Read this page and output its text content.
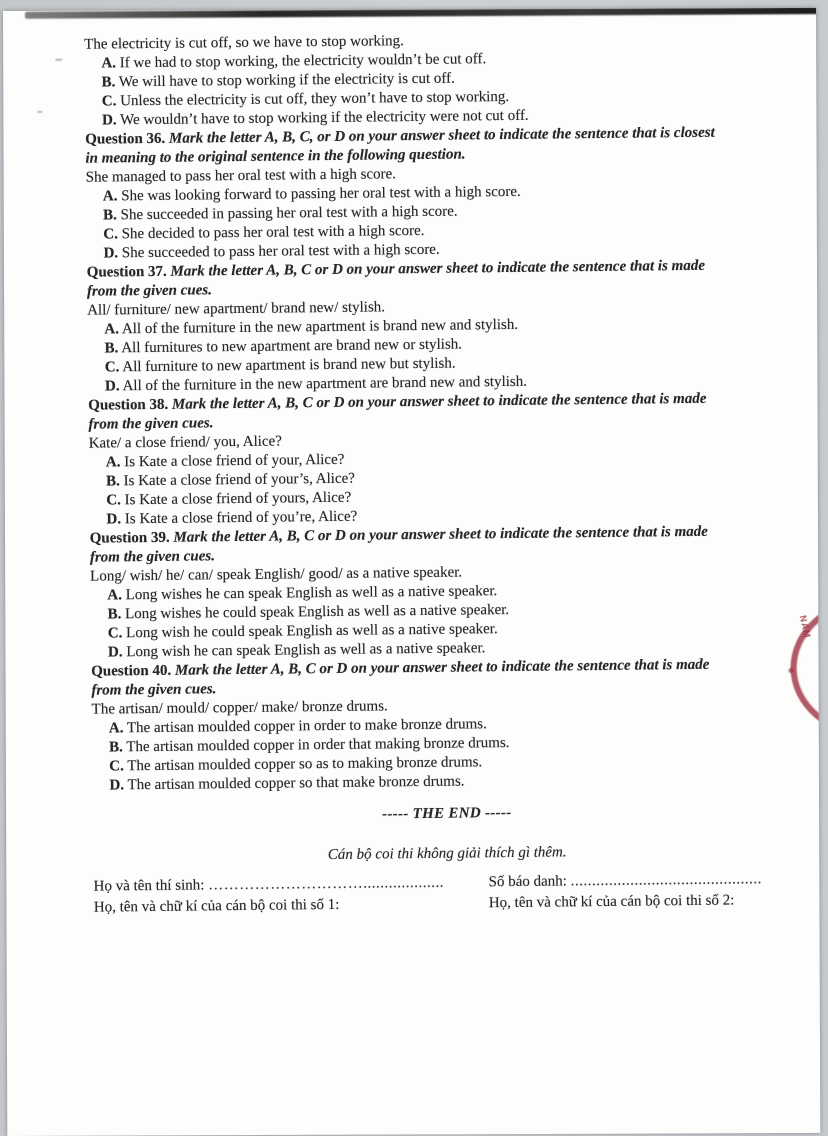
The electricity is cut off, so we have to stop working.
A. If we had to stop working, the electricity wouldn’t be cut off.
B. We will have to stop working if the electricity is cut off.
C. Unless the electricity is cut off, they won’t have to stop working.
D. We wouldn’t have to stop working if the electricity were not cut off.
Question 36. Mark the letter A, B, C, or D on your answer sheet to indicate the sentence that is closest
in meaning to the original sentence in the following question.
She managed to pass her oral test with a high score.
A. She was looking forward to passing her oral test with a high score.
B. She succeeded in passing her oral test with a high score.
C. She decided to pass her oral test with a high score.
D. She succeeded to pass her oral test with a high score.
Question 37. Mark the letter A, B, C or D on your answer sheet to indicate the sentence that is made
from the given cues.
All/ furniture/ new apartment/ brand new/ stylish.
A. All of the furniture in the new apartment is brand new and stylish.
B. All furnitures to new apartment are brand new or stylish.
C. All furniture to new apartment is brand new but stylish.
D. All of the furniture in the new apartment are brand new and stylish.
Question 38. Mark the letter A, B, C or D on your answer sheet to indicate the sentence that is made
from the given cues.
Kate/ a close friend/ you, Alice?
A. Is Kate a close friend of your, Alice?
B. Is Kate a close friend of your’s, Alice?
C. Is Kate a close friend of yours, Alice?
D. Is Kate a close friend of you’re, Alice?
Question 39. Mark the letter A, B, C or D on your answer sheet to indicate the sentence that is made
from the given cues.
Long/ wish/ he/ can/ speak English/ good/ as a native speaker.
A. Long wishes he can speak English as well as a native speaker.
B. Long wishes he could speak English as well as a native speaker.
C. Long wish he could speak English as well as a native speaker.
D. Long wish he can speak English as well as a native speaker.
Question 40. Mark the letter A, B, C or D on your answer sheet to indicate the sentence that is made
from the given cues.
The artisan/ mould/ copper/ make/ bronze drums.
A. The artisan moulded copper in order to make bronze drums.
B. The artisan moulded copper in order that making bronze drums.
C. The artisan moulded copper so as to making bronze drums.
D. The artisan moulded copper so that make bronze drums.
----- THE END -----
Cán bộ coi thi không giải thích gì thêm.
Họ và tên thí sinh: …………………………...................	Số báo danh: .............................................
Họ, tên và chữ kí của cán bộ coi thi số 1:	Họ, tên và chữ kí của cán bộ coi thi số 2:
NAM
